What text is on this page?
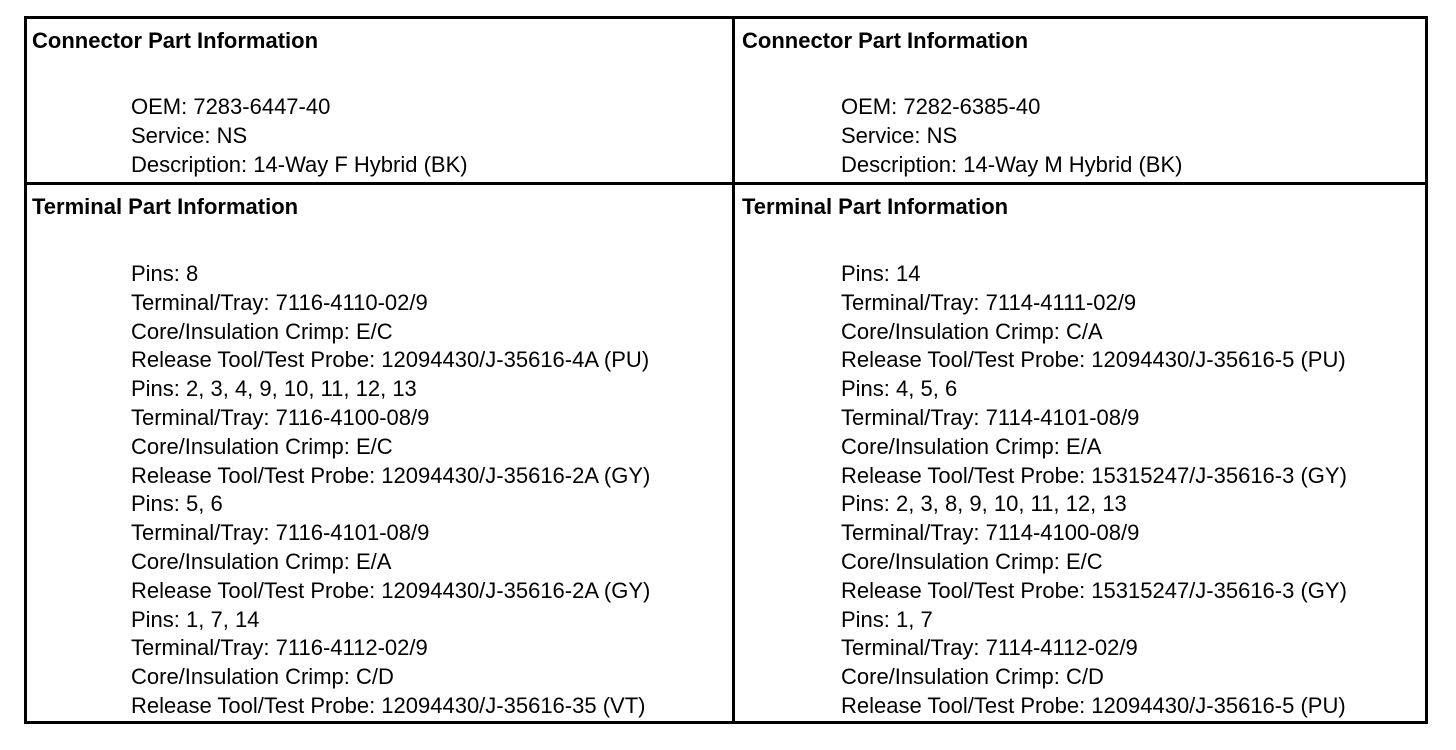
Connector Part Information
OEM: 7283-6447-40
Service: NS
Description: 14-Way F Hybrid (BK)
Connector Part Information
OEM: 7282-6385-40
Service: NS
Description: 14-Way M Hybrid (BK)
Terminal Part Information
Pins: 8
Terminal/Tray: 7116-4110-02/9
Core/Insulation Crimp: E/C
Release Tool/Test Probe: 12094430/J-35616-4A (PU)
Pins: 2, 3, 4, 9, 10, 11, 12, 13
Terminal/Tray: 7116-4100-08/9
Core/Insulation Crimp: E/C
Release Tool/Test Probe: 12094430/J-35616-2A (GY)
Pins: 5, 6
Terminal/Tray: 7116-4101-08/9
Core/Insulation Crimp: E/A
Release Tool/Test Probe: 12094430/J-35616-2A (GY)
Pins: 1, 7, 14
Terminal/Tray: 7116-4112-02/9
Core/Insulation Crimp: C/D
Release Tool/Test Probe: 12094430/J-35616-35 (VT)
Terminal Part Information
Pins: 14
Terminal/Tray: 7114-4111-02/9
Core/Insulation Crimp: C/A
Release Tool/Test Probe: 12094430/J-35616-5 (PU)
Pins: 4, 5, 6
Terminal/Tray: 7114-4101-08/9
Core/Insulation Crimp: E/A
Release Tool/Test Probe: 15315247/J-35616-3 (GY)
Pins: 2, 3, 8, 9, 10, 11, 12, 13
Terminal/Tray: 7114-4100-08/9
Core/Insulation Crimp: E/C
Release Tool/Test Probe: 15315247/J-35616-3 (GY)
Pins: 1, 7
Terminal/Tray: 7114-4112-02/9
Core/Insulation Crimp: C/D
Release Tool/Test Probe: 12094430/J-35616-5 (PU)
